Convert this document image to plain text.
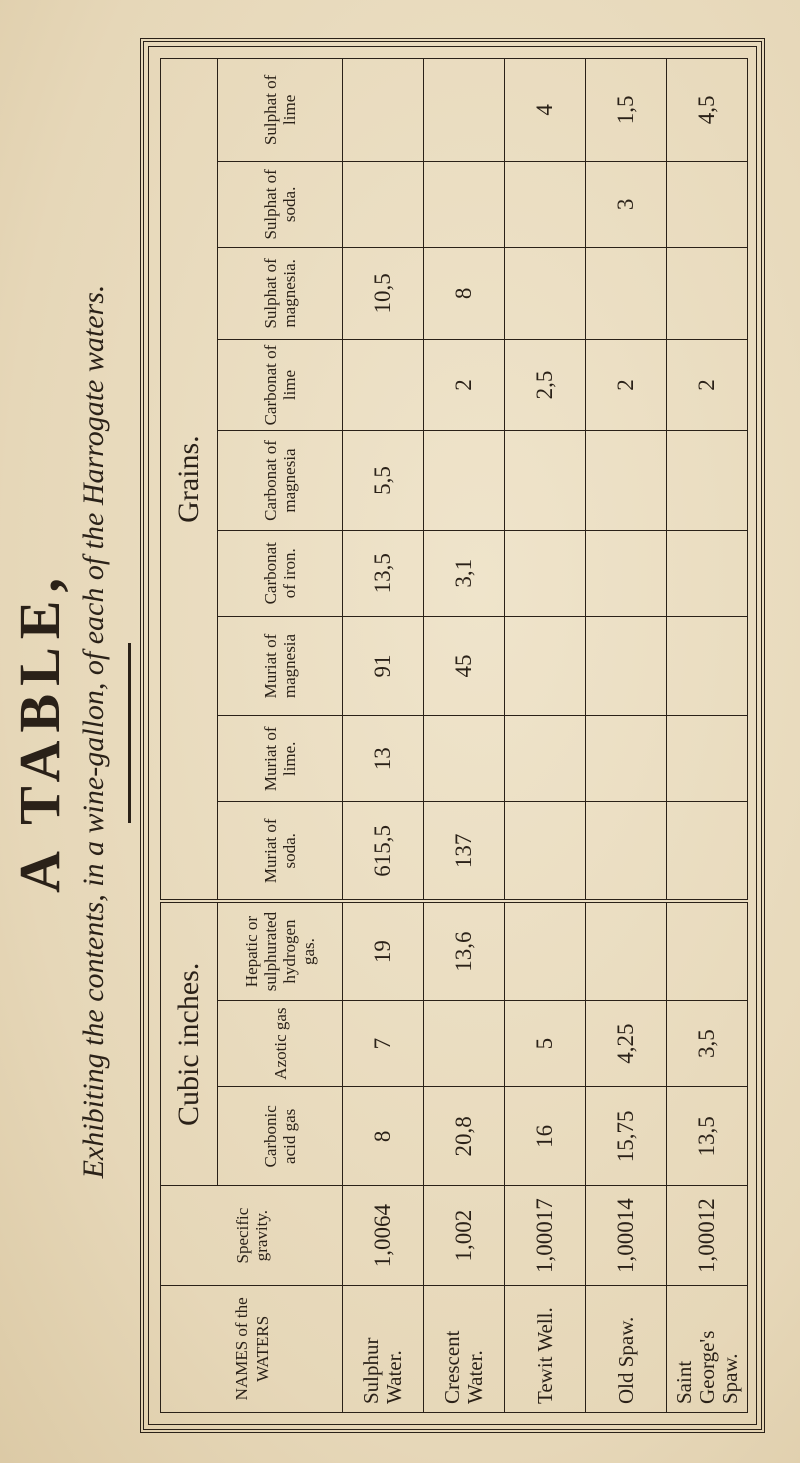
A TABLE, Exhibiting the contents, in a wine-gallon, of each of the Harrogate waters.
NAMES of the WATERS	Specific gravity.	Cubic inches.			Grains.								
		Carbonic acid gas	Azotic gas	Hepatic or sulphurated hydrogen gas.	Muriat of soda.	Muriat of lime.	Muriat of magnesia	Carbonat of iron.	Carbonat of magnesia	Carbonat of lime	Sulphat of magnesia.	Sulphat of soda.	Sulphat of lime
Sulphur Water.	1,0064	8	7	19	615,5	13	91	13,5	5,5		10,5		
Crescent Water.	1,002	20,8		13,6	137		45	3,1		2	8		
Tewit Well.	1,00017	16	5							2,5			4
Old Spaw.	1,00014	15,75	4,25							2		3	1,5
Saint George's Spaw.	1,00012	13,5	3,5							2			4,5
